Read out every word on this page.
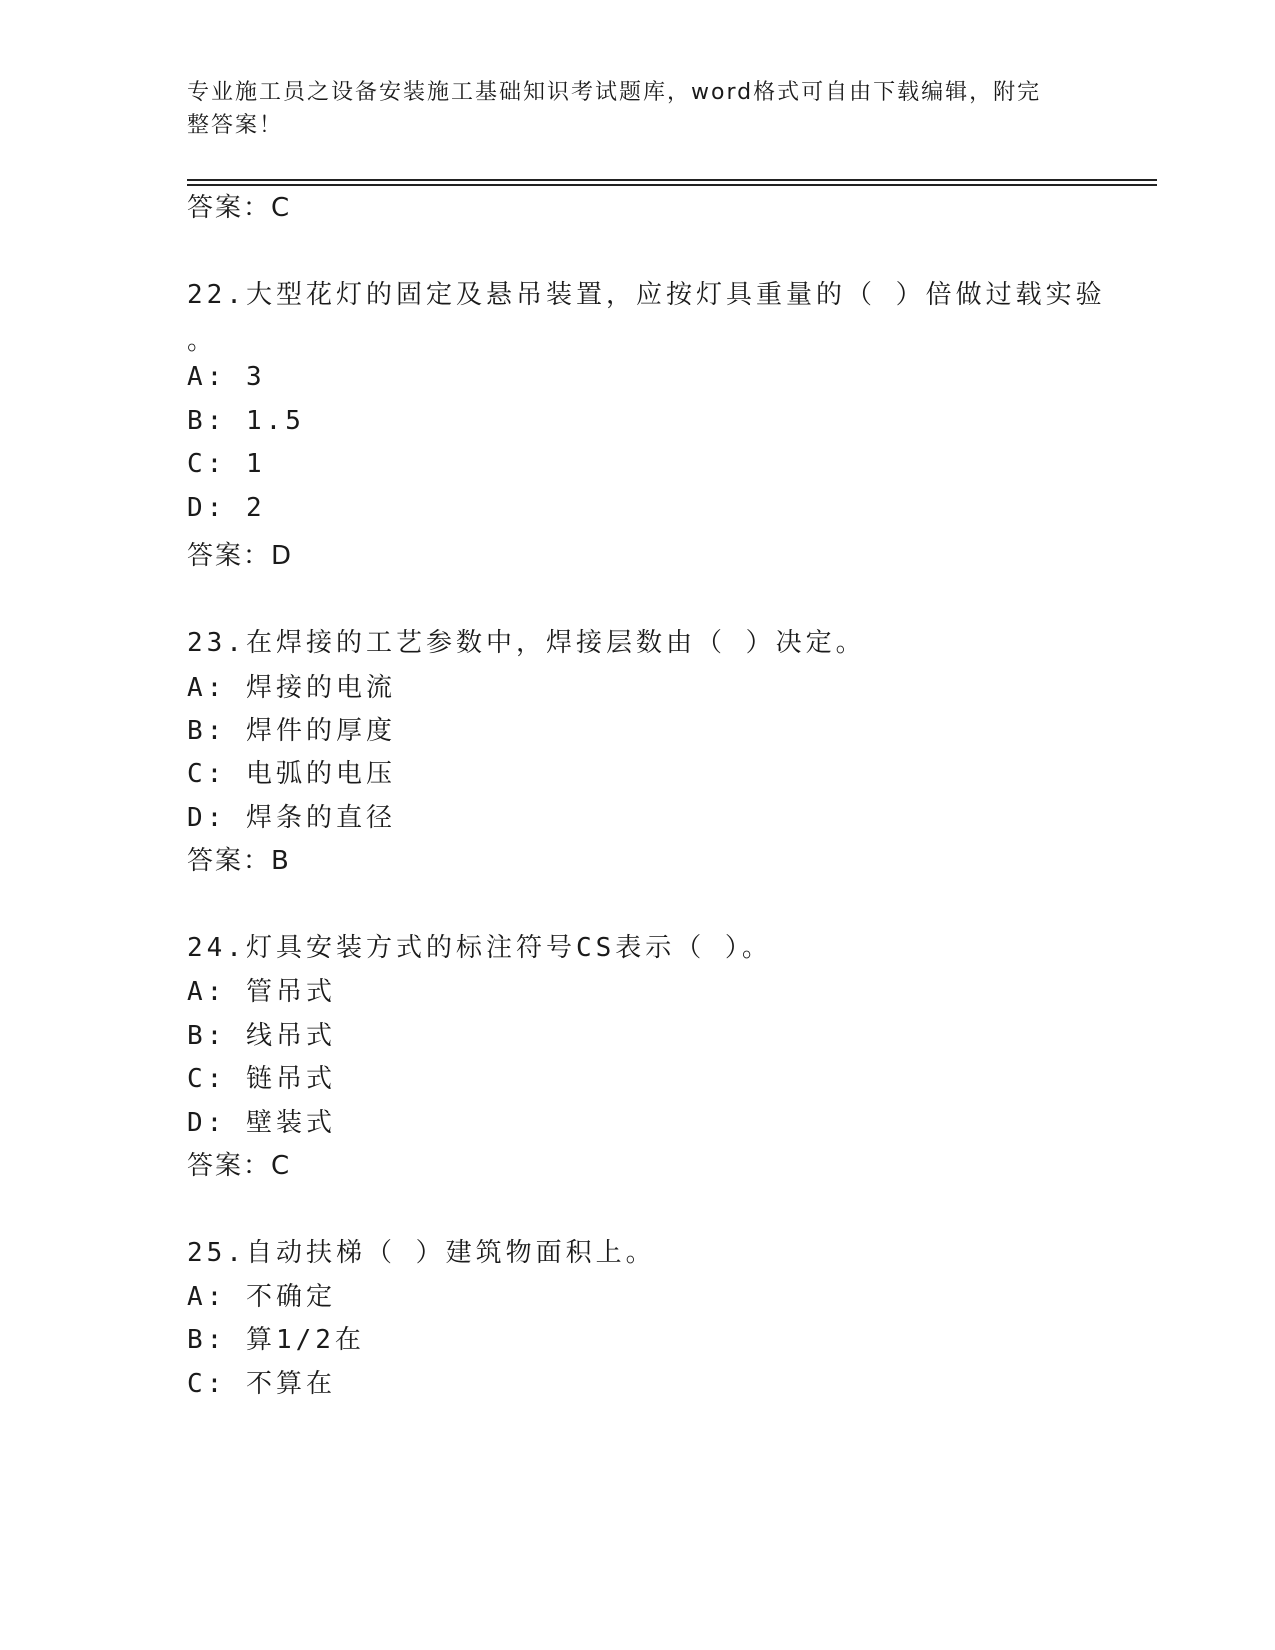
专业施工员之设备安装施工基础知识考试题库，word格式可自由下载编辑，附完
整答案！
答案：C
22.大型花灯的固定及悬吊装置，应按灯具重量的（ ）倍做过载实验
。
A: 3
B: 1.5
C: 1
D: 2
答案：D
23.在焊接的工艺参数中，焊接层数由（ ）决定。
A: 焊接的电流
B: 焊件的厚度
C: 电弧的电压
D: 焊条的直径
答案：B
24.灯具安装方式的标注符号CS表示（ ）。
A: 管吊式
B: 线吊式
C: 链吊式
D: 壁装式
答案：C
25.自动扶梯（ ）建筑物面积上。
A: 不确定
B: 算1/2在
C: 不算在
